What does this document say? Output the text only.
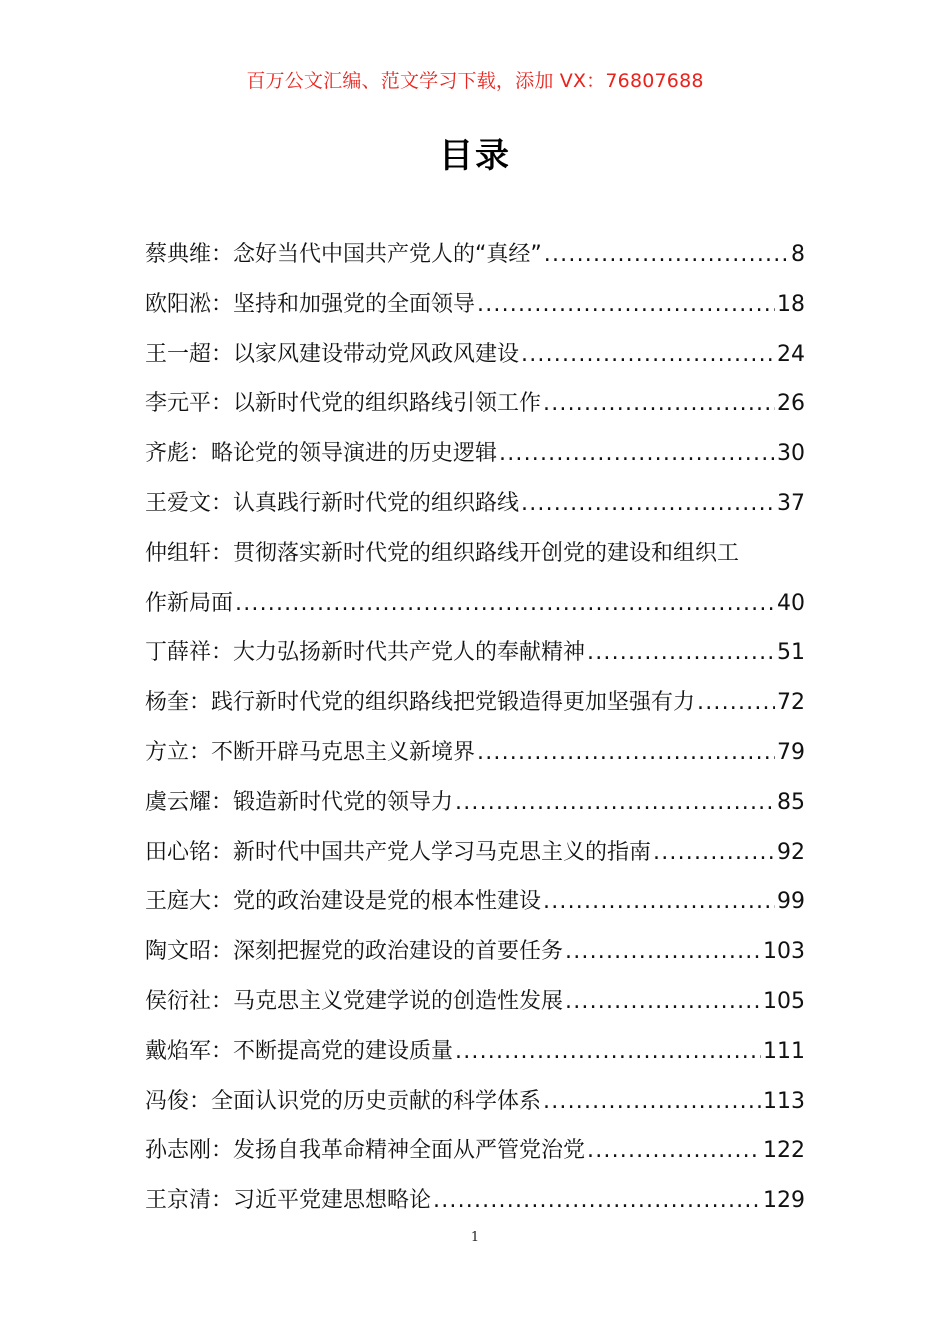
百万公文汇编、范文学习下载，添加 VX：76807688
目录
蔡典维：念好当代中国共产党人的“真经” .....	8
欧阳淞：坚持和加强党的全面领导 .....	18
王一超：以家风建设带动党风政风建设 .....	24
李元平：以新时代党的组织路线引领工作 .....	26
齐彪：略论党的领导演进的历史逻辑 .....	30
王爱文：认真践行新时代党的组织路线 .....	37
仲组轩：贯彻落实新时代党的组织路线开创党的建设和组织工
作新局面 .....	40
丁薛祥：大力弘扬新时代共产党人的奉献精神 .....	51
杨奎：践行新时代党的组织路线把党锻造得更加坚强有力 .....	72
方立：不断开辟马克思主义新境界 .....	79
虞云耀：锻造新时代党的领导力 .....	85
田心铭：新时代中国共产党人学习马克思主义的指南 .....	92
王庭大：党的政治建设是党的根本性建设 .....	99
陶文昭：深刻把握党的政治建设的首要任务 .....	103
侯衍社：马克思主义党建学说的创造性发展 .....	105
戴焰军：不断提高党的建设质量 .....	111
冯俊：全面认识党的历史贡献的科学体系 .....	113
孙志刚：发扬自我革命精神全面从严管党治党 .....	122
王京清：习近平党建思想略论 .....	129
1
